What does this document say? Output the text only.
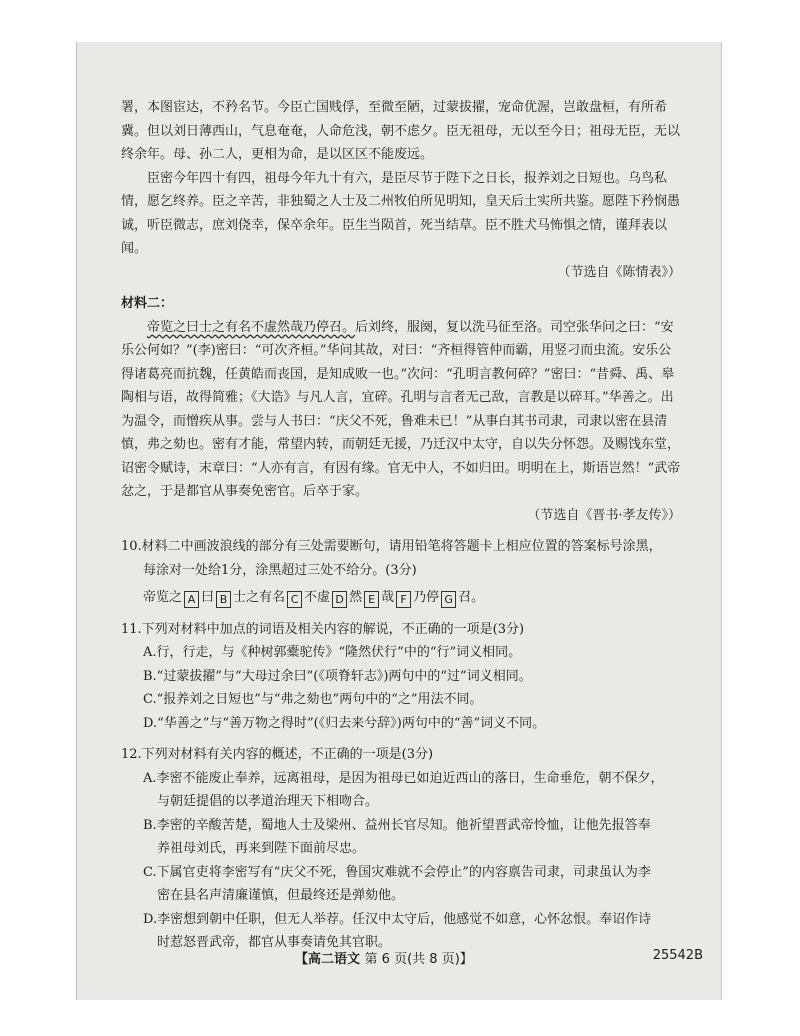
署，本图宦达，不矜名节。今臣亡国贱俘，至微至陋，过蒙拔擢，宠命优渥，岂敢盘桓，有所希冀。但以刘日薄西山，气息奄奄，人命危浅，朝不虑夕。臣无祖母，无以至今日；祖母无臣，无以终余年。母、孙二人，更相为命，是以区区不能废远。

臣密今年四十有四，祖母今年九十有六，是臣尽节于陛下之日长，报养刘之日短也。乌鸟私情，愿乞终养。臣之辛苦，非独蜀之人士及二州牧伯所见明知，皇天后土实所共鉴。愿陛下矜悯愚诚，听臣微志，庶刘侥幸，保卒余年。臣生当陨首，死当结草。臣不胜犬马怖惧之情，谨拜表以闻。

（节选自《陈情表》）

材料二：

帝览之曰士之有名不虚然哉乃停召。后刘终，服阕，复以洗马征至洛。司空张华问之曰：“安乐公何如？”(李)密曰：“可次齐桓。”华问其故，对曰：“齐桓得管仲而霸，用竖刁而虫流。安乐公得诸葛亮而抗魏，任黄皓而丧国，是知成败一也。”次问：“孔明言教何碎？”密曰：“昔舜、禹、皋陶相与语，故得简雅；《大诰》与凡人言，宜碎。孔明与言者无己敌，言教是以碎耳。”华善之。出为温令，而憎疾从事。尝与人书曰：“庆父不死，鲁难未已！”从事白其书司隶，司隶以密在县清慎，弗之劾也。密有才能，常望内转，而朝廷无援，乃迁汉中太守，自以失分怀怨。及赐饯东堂，诏密令赋诗，末章曰：“人亦有言，有因有缘。官无中人，不如归田。明明在上，斯语岂然！”武帝忿之，于是都官从事奏免密官。后卒于家。

（节选自《晋书·孝友传》）

10.材料二中画波浪线的部分有三处需要断句，请用铅笔将答题卡上相应位置的答案标号涂黑，

每涂对一处给1分，涂黑超过三处不给分。(3分)

帝览之 A 曰 B 士之有名 C 不虚 D 然 E 哉 F 乃停 G 召。

11.下列对材料中加点的词语及相关内容的解说，不正确的一项是(3分)

A.行，行走，与《种树郭橐驼传》“隆然伏行”中的“行”词义相同。

B.“过蒙拔擢”与“大母过余曰”(《项脊轩志》)两句中的“过”词义相同。

C.“报养刘之日短也”与“弗之劾也”两句中的“之”用法不同。

D.“华善之”与“善万物之得时”(《归去来兮辞》)两句中的“善”词义不同。

12.下列对材料有关内容的概述，不正确的一项是(3分)

A.李密不能废止奉养，远离祖母，是因为祖母已如迫近西山的落日，生命垂危，朝不保夕，

与朝廷提倡的以孝道治理天下相吻合。

B.李密的辛酸苦楚，蜀地人士及梁州、益州长官尽知。他祈望晋武帝怜恤，让他先报答奉

养祖母刘氏，再来到陛下面前尽忠。

C.下属官吏将李密写有“庆父不死，鲁国灾难就不会停止”的内容禀告司隶，司隶虽认为李

密在县名声清廉谨慎，但最终还是弹劾他。

D.李密想到朝中任职，但无人举荐。任汉中太守后，他感觉不如意，心怀忿恨。奉诏作诗

时惹怒晋武帝，都官从事奏请免其官职。

【高二语文 第 6 页(共 8 页)】	25542B
